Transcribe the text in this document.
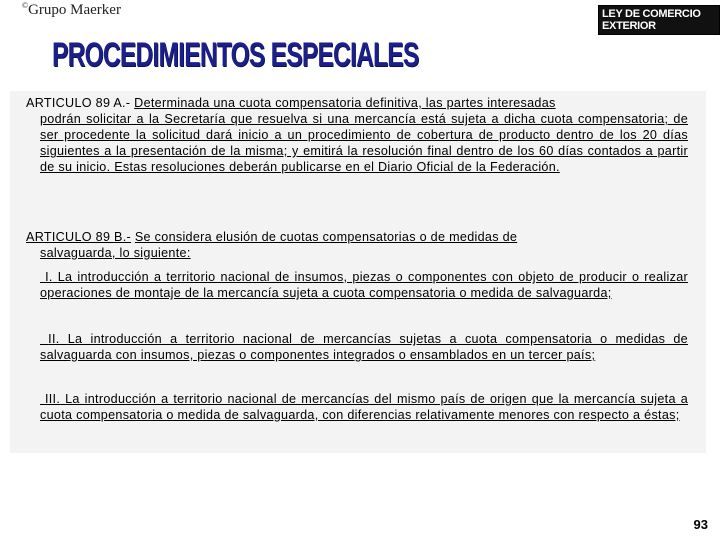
©Grupo Maerker	LEY DE COMERCIO EXTERIOR
PROCEDIMIENTOS ESPECIALES
ARTICULO 89 A.- Determinada una cuota compensatoria definitiva, las partes interesadas
podrán solicitar a la Secretaría que resuelva si una mercancía está sujeta a dicha cuota compensatoria; de ser procedente la solicitud dará inicio a un procedimiento de cobertura de producto dentro de los 20 días siguientes a la presentación de la misma; y emitirá la resolución final dentro de los 60 días contados a partir de su inicio. Estas resoluciones deberán publicarse en el Diario Oficial de la Federación.
ARTICULO 89 B.- Se considera elusión de cuotas compensatorias o de medidas de
salvaguarda, lo siguiente:
I. La introducción a territorio nacional de insumos, piezas o componentes con objeto de producir o realizar operaciones de montaje de la mercancía sujeta a cuota compensatoria o medida de salvaguarda;
II. La introducción a territorio nacional de mercancías sujetas a cuota compensatoria o medidas de salvaguarda con insumos, piezas o componentes integrados o ensamblados en un tercer país;
III. La introducción a territorio nacional de mercancías del mismo país de origen que la mercancía sujeta a cuota compensatoria o medida de salvaguarda, con diferencias relativamente menores con respecto a éstas;
93
